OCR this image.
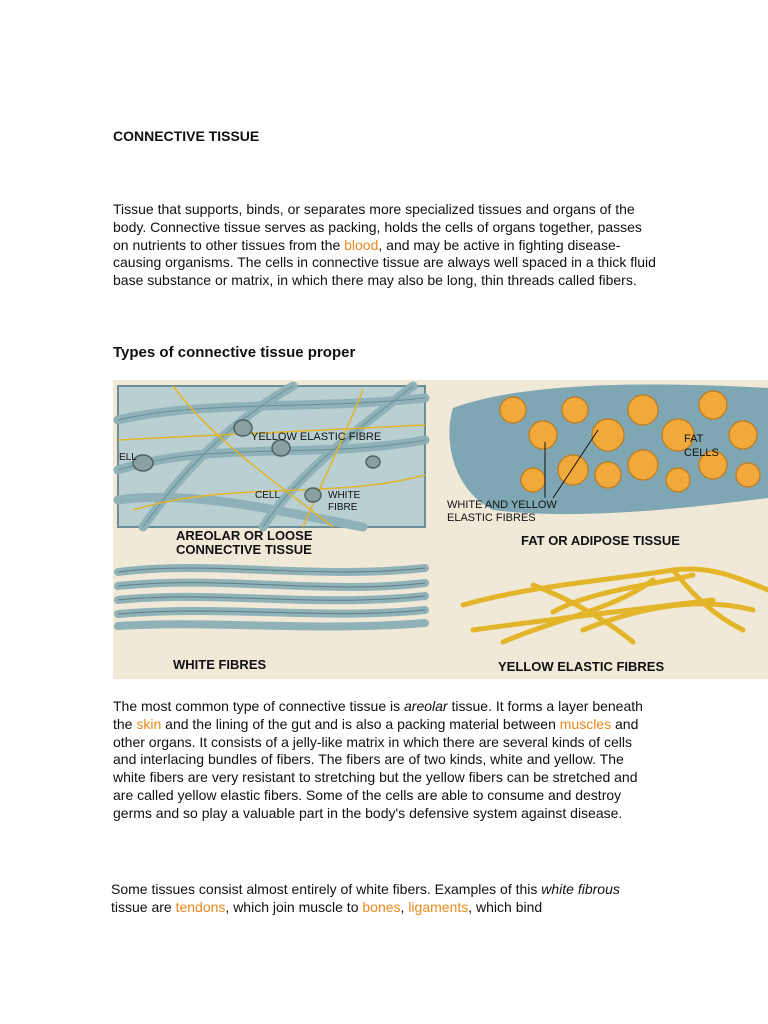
CONNECTIVE TISSUE

Tissue that supports, binds, or separates more specialized tissues and organs of the body. Connective tissue serves as packing, holds the cells of organs together, passes on nutrients to other tissues from the blood, and may be active in fighting disease-causing organisms. The cells in connective tissue are always well spaced in a thick fluid base substance or matrix, in which there may also be long, thin threads called fibers.

Types of connective tissue proper
YELLOW ELASTIC FIBRE
ELL
CELL	WHITE
FIBRE
AREOLAR OR LOOSE
CONNECTIVE TISSUE
WHITE AND YELLOW
ELASTIC FIBRES
FAT
CELLS
FAT OR ADIPOSE TISSUE
WHITE FIBRES	YELLOW ELASTIC FIBRES

The most common type of connective tissue is areolar tissue. It forms a layer beneath the skin and the lining of the gut and is also a packing material between muscles and other organs. It consists of a jelly-like matrix in which there are several kinds of cells and interlacing bundles of fibers. The fibers are of two kinds, white and yellow. The white fibers are very resistant to stretching but the yellow fibers can be stretched and are called yellow elastic fibers. Some of the cells are able to consume and destroy germs and so play a valuable part in the body's defensive system against disease.

Some tissues consist almost entirely of white fibers. Examples of this white fibrous tissue are tendons, which join muscle to bones, ligaments, which bind
